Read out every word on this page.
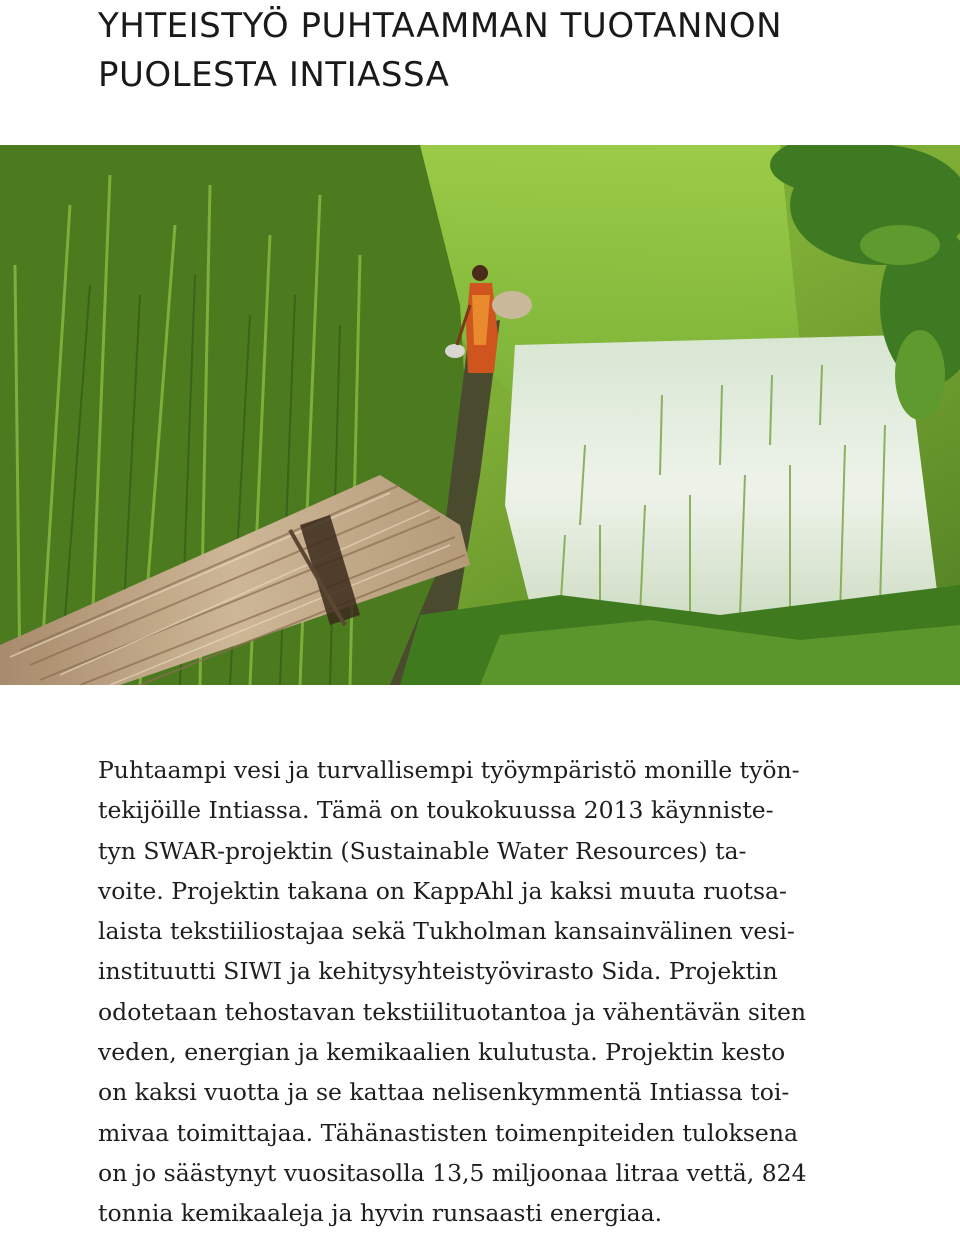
YHTEISTYÖ PUHTAAMMAN TUOTANNON
PUOLESTA INTIASSA

Puhtaampi vesi ja turvallisempi työympäristö monille työn-
tekijöille Intiassa. Tämä on toukokuussa 2013 käynniste-
tyn SWAR-projektin (Sustainable Water Resources) ta-
voite. Projektin takana on KappAhl ja kaksi muuta ruotsa-
laista tekstiiliostajaa sekä Tukholman kansainvälinen vesi-
instituutti SIWI ja kehitysyhteistyövirasto Sida. Projektin
odotetaan tehostavan tekstiilituotantoa ja vähentävän siten
veden, energian ja kemikaalien kulutusta. Projektin kesto
on kaksi vuotta ja se kattaa nelisenkymmentä Intiassa toi-
mivaa toimittajaa. Tähänastisten toimenpiteiden tuloksena
on jo säästynyt vuositasolla 13,5 miljoonaa litraa vettä, 824
tonnia kemikaaleja ja hyvin runsaasti energiaa.
